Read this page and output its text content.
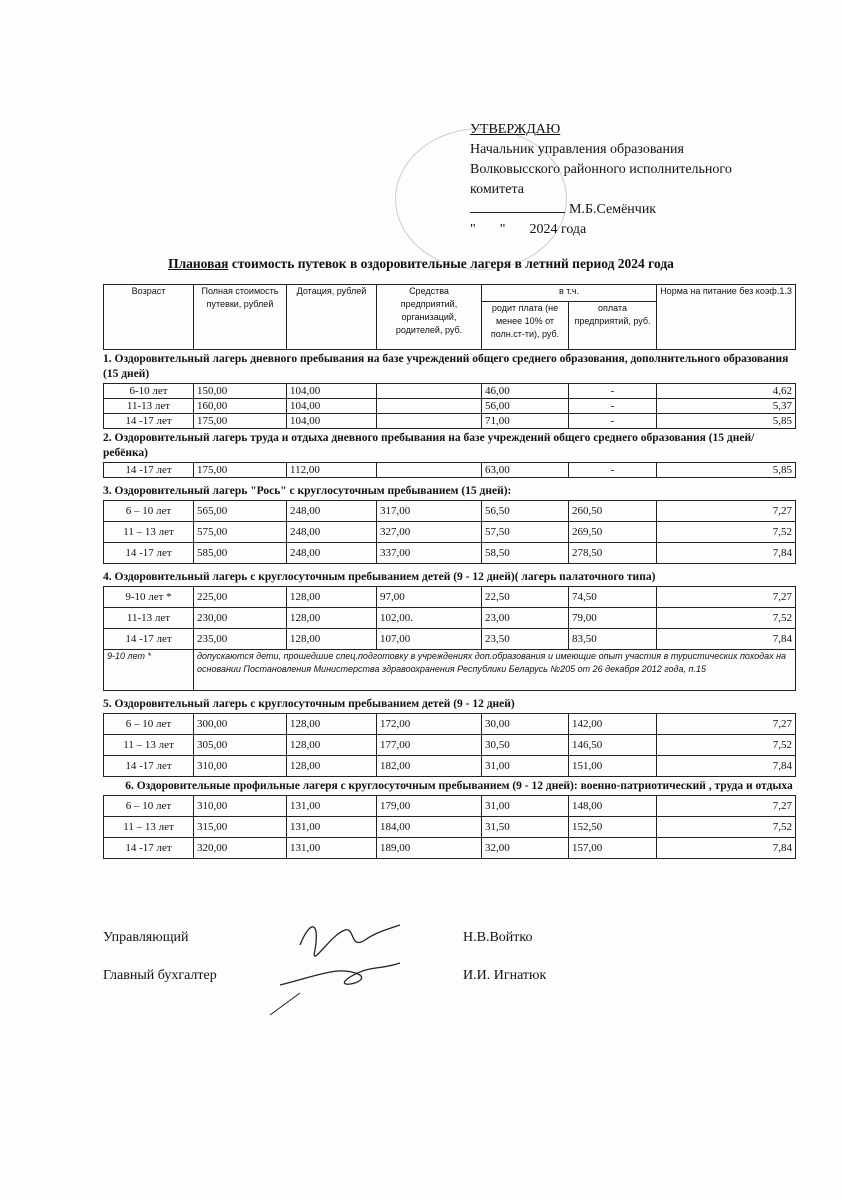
УТВЕРЖДАЮ
Начальник управления образования
Волковысского районного исполнительного
комитета
М.Б.Семёнчик
" " 2024 года
Плановая стоимость путевок в оздоровительные лагеря в летний период 2024 года
Возраст	Полная стоимость путевки, рублей	Дотация, рублей	Средства предприятий, организаций, родителей, руб.	в т.ч.		Норма на питание без коэф.1.3
				родит плата (не менее 10% от полн.ст-ти), руб.	оплата предприятий, руб.	
1. Оздоровительный лагерь дневного пребывания на базе учреждений общего среднего образования, дополнительного образования (15 дней)
6-10 лет	150,00	104,00		46,00	-	4,62
11-13 лет	160,00	104,00		56,00	-	5,37
14 -17 лет	175,00	104,00		71,00	-	5,85
2. Оздоровительный лагерь труда и отдыха дневного пребывания на базе учреждений общего среднего образования (15 дней/ ребёнка)
14 -17 лет	175,00	112,00		63,00	-	5,85
3. Оздоровительный лагерь "Рось" с круглосуточным пребыванием (15 дней):
6 – 10 лет	565,00	248,00	317,00	56,50	260,50	7,27
11 – 13 лет	575,00	248,00	327,00	57,50	269,50	7,52
14 -17 лет	585,00	248,00	337,00	58,50	278,50	7,84
4. Оздоровительный лагерь с круглосуточным пребыванием детей (9 - 12 дней)( лагерь палаточного типа)
9-10 лет *	225,00	128,00	97,00	22,50	74,50	7,27
11-13 лет	230,00	128,00	102,00.	23,00	79,00	7,52
14 -17 лет	235,00	128,00	107,00	23,50	83,50	7,84
9-10 лет *	допускаются дети, прошедшие спец.подготовку в учреждениях доп.образования и имеющие опыт участия в туристических походах на основании Постановления Министерства здравоохранения Республики Беларусь №205 от 26 декабря 2012 года, п.15					
5. Оздоровительный лагерь с круглосуточным пребыванием детей (9 - 12 дней)
6 – 10 лет	300,00	128,00	172,00	30,00	142,00	7,27
11 – 13 лет	305,00	128,00	177,00	30,50	146,50	7,52
14 -17 лет	310,00	128,00	182,00	31,00	151,00	7,84
6. Оздоровительные профильные лагеря с круглосуточным пребыванием (9 - 12 дней): военно-патриотический , труда и отдыха
6 – 10 лет	310,00	131,00	179,00	31,00	148,00	7,27
11 – 13 лет	315,00	131,00	184,00	31,50	152,50	7,52
14 -17 лет	320,00	131,00	189,00	32,00	157,00	7,84
Управляющий	Н.В.Войтко
Главный бухгалтер	И.И. Игнатюк
